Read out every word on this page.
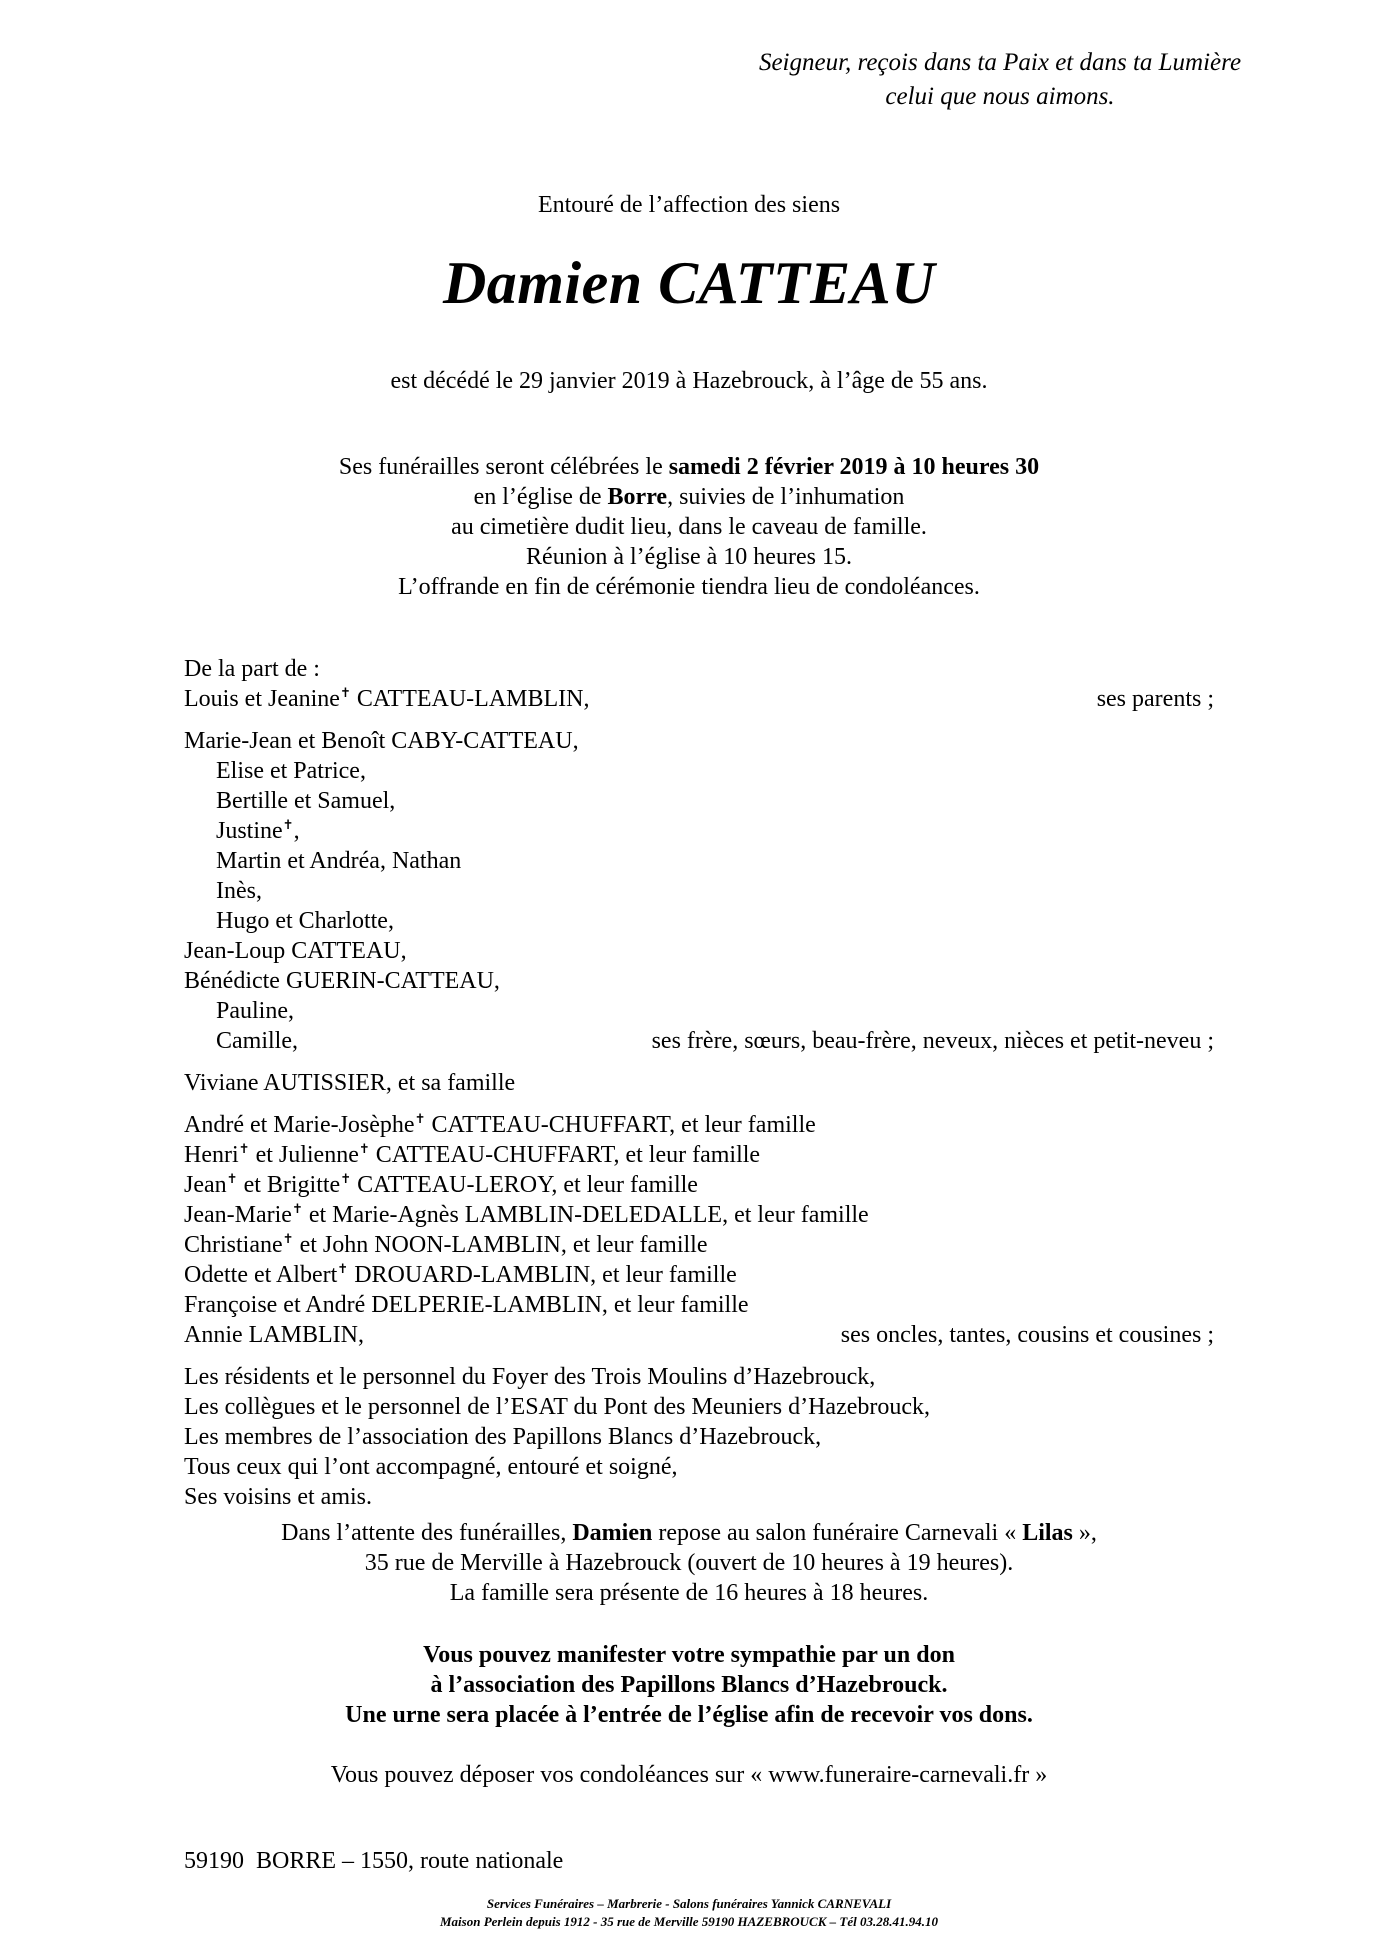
Seigneur, reçois dans ta Paix et dans ta Lumière
celui que nous aimons.
Entouré de l’affection des siens
Damien CATTEAU
est décédé le 29 janvier 2019 à Hazebrouck, à l’âge de 55 ans.
Ses funérailles seront célébrées le samedi 2 février 2019 à 10 heures 30
en l’église de Borre, suivies de l’inhumation
au cimetière dudit lieu, dans le caveau de famille.
Réunion à l’église à 10 heures 15.
L’offrande en fin de cérémonie tiendra lieu de condoléances.
De la part de :
Louis et Jeanine✝ CATTEAU-LAMBLIN,	ses parents ;
Marie-Jean et Benoît CABY-CATTEAU,
Elise et Patrice,
Bertille et Samuel,
Justine✝,
Martin et Andréa, Nathan
Inès,
Hugo et Charlotte,
Jean-Loup CATTEAU,
Bénédicte GUERIN-CATTEAU,
Pauline,
Camille,	ses frère, sœurs, beau-frère, neveux, nièces et petit-neveu ;
Viviane AUTISSIER, et sa famille
André et Marie-Josèphe✝ CATTEAU-CHUFFART, et leur famille
Henri✝ et Julienne✝ CATTEAU-CHUFFART, et leur famille
Jean✝ et Brigitte✝ CATTEAU-LEROY, et leur famille
Jean-Marie✝ et Marie-Agnès LAMBLIN-DELEDALLE, et leur famille
Christiane✝ et John NOON-LAMBLIN, et leur famille
Odette et Albert✝ DROUARD-LAMBLIN, et leur famille
Françoise et André DELPERIE-LAMBLIN, et leur famille
Annie LAMBLIN,	ses oncles, tantes, cousins et cousines ;
Les résidents et le personnel du Foyer des Trois Moulins d’Hazebrouck,
Les collègues et le personnel de l’ESAT du Pont des Meuniers d’Hazebrouck,
Les membres de l’association des Papillons Blancs d’Hazebrouck,
Tous ceux qui l’ont accompagné, entouré et soigné,
Ses voisins et amis.
Dans l’attente des funérailles, Damien repose au salon funéraire Carnevali « Lilas »,
35 rue de Merville à Hazebrouck (ouvert de 10 heures à 19 heures).
La famille sera présente de 16 heures à 18 heures.
Vous pouvez manifester votre sympathie par un don
à l’association des Papillons Blancs d’Hazebrouck.
Une urne sera placée à l’entrée de l’église afin de recevoir vos dons.
Vous pouvez déposer vos condoléances sur « www.funeraire-carnevali.fr »
59190  BORRE – 1550, route nationale
Services Funéraires – Marbrerie - Salons funéraires Yannick CARNEVALI
Maison Perlein depuis 1912 - 35 rue de Merville 59190 HAZEBROUCK – Tél 03.28.41.94.10
